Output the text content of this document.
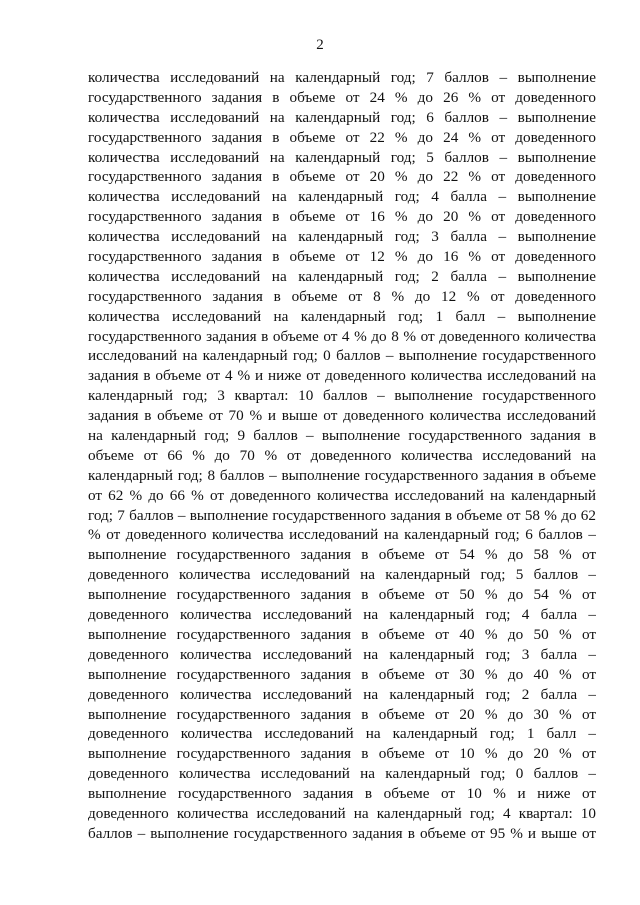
2
количества исследований на календарный год; 7 баллов – выполнение
государственного задания в объеме от 24 % до 26 % от доведенного
количества исследований на календарный год; 6 баллов – выполнение
государственного задания в объеме от 22 % до 24 % от доведенного
количества исследований на календарный год; 5 баллов – выполнение
государственного задания в объеме от 20 % до 22 % от доведенного
количества исследований на календарный год; 4 балла – выполнение
государственного задания в объеме от 16 % до 20 % от доведенного
количества исследований на календарный год; 3 балла – выполнение
государственного задания в объеме от 12 % до 16 % от доведенного
количества исследований на календарный год; 2 балла – выполнение
государственного задания в объеме от 8 % до 12 % от доведенного
количества исследований на календарный год; 1 балл – выполнение
государственного задания в объеме от 4 % до 8 % от доведенного количества
исследований на календарный год; 0 баллов – выполнение государственного
задания в объеме от 4 % и ниже от доведенного количества исследований на
календарный год; 3 квартал: 10 баллов – выполнение государственного
задания в объеме от 70 % и выше от доведенного количества исследований
на календарный год; 9 баллов – выполнение государственного задания в
объеме от 66 % до 70 % от доведенного количества исследований на
календарный год; 8 баллов – выполнение государственного задания в объеме
от 62 % до 66 % от доведенного количества исследований на календарный
год; 7 баллов – выполнение государственного задания в объеме от 58 % до 62
% от доведенного количества исследований на календарный год; 6 баллов –
выполнение государственного задания в объеме от 54 % до 58 % от
доведенного количества исследований на календарный год; 5 баллов –
выполнение государственного задания в объеме от 50 % до 54 % от
доведенного количества исследований на календарный год; 4 балла –
выполнение государственного задания в объеме от 40 % до 50 % от
доведенного количества исследований на календарный год; 3 балла –
выполнение государственного задания в объеме от 30 % до 40 % от
доведенного количества исследований на календарный год; 2 балла –
выполнение государственного задания в объеме от 20 % до 30 % от
доведенного количества исследований на календарный год; 1 балл –
выполнение государственного задания в объеме от 10 % до 20 % от
доведенного количества исследований на календарный год; 0 баллов –
выполнение государственного задания в объеме от 10 % и ниже от
доведенного количества исследований на календарный год; 4 квартал: 10
баллов – выполнение государственного задания в объеме от 95 % и выше от
